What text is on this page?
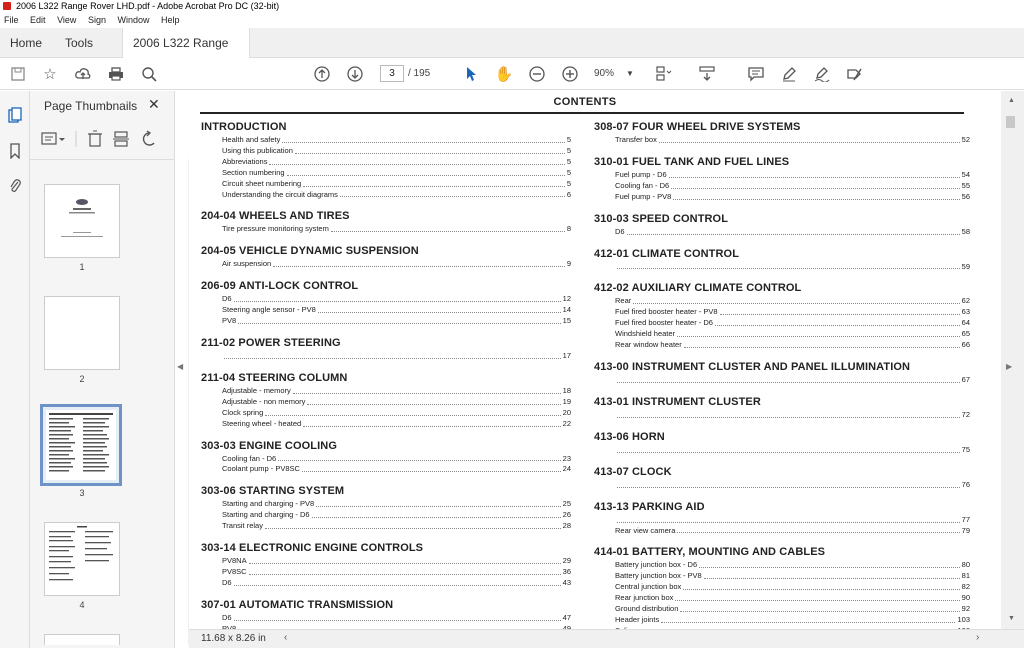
2006 L322 Range Rover LHD.pdf - Adobe Acrobat Pro DC (32-bit)
File Edit View Sign Window Help
Home	Tools	2006 L322 Range
☆	3	/ 195	✋	90% ▼
Page Thumbnails ✕
1
2
3
4
◀
CONTENTS
INTRODUCTION
Health and safety	5
Using this publication	5
Abbreviations	5
Section numbering	5
Circuit sheet numbering	5
Understanding the circuit diagrams	6
204-04 WHEELS AND TIRES
Tire pressure monitoring system	8
204-05 VEHICLE DYNAMIC SUSPENSION
Air suspension	9
206-09 ANTI-LOCK CONTROL
D6	12
Steering angle sensor - PV8	14
PV8	15
211-02 POWER STEERING
17
211-04 STEERING COLUMN
Adjustable - memory	18
Adjustable - non memory	19
Clock spring	20
Steering wheel - heated	22
303-03 ENGINE COOLING
Cooling fan - D6	23
Coolant pump - PV8SC	24
303-06 STARTING SYSTEM
Starting and charging - PV8	25
Starting and charging - D6	26
Transit relay	28
303-14 ELECTRONIC ENGINE CONTROLS
PV8NA	29
PV8SC	36
D6	43
307-01 AUTOMATIC TRANSMISSION
D6	47
308-07 FOUR WHEEL DRIVE SYSTEMS
Transfer box	52
310-01 FUEL TANK AND FUEL LINES
Fuel pump - D6	54
Cooling fan - D6	55
Fuel pump - PV8	56
310-03 SPEED CONTROL
D6	58
412-01 CLIMATE CONTROL
59
412-02 AUXILIARY CLIMATE CONTROL
Rear	62
Fuel fired booster heater - PV8	63
Fuel fired booster heater - D6	64
Windshield heater	65
Rear window heater	66
413-00 INSTRUMENT CLUSTER AND PANEL ILLUMINATION
67
413-01 INSTRUMENT CLUSTER
72
413-06 HORN
75
413-07 CLOCK
76
413-13 PARKING AID
77
Rear view camera	79
414-01 BATTERY, MOUNTING AND CABLES
Battery junction box - D6	80
Battery junction box - PV8	81
Central junction box	82
Rear junction box	90
Ground distribution	92
Header joints	103
▲
▼
▶
11.68 x 8.26 in ‹	›
